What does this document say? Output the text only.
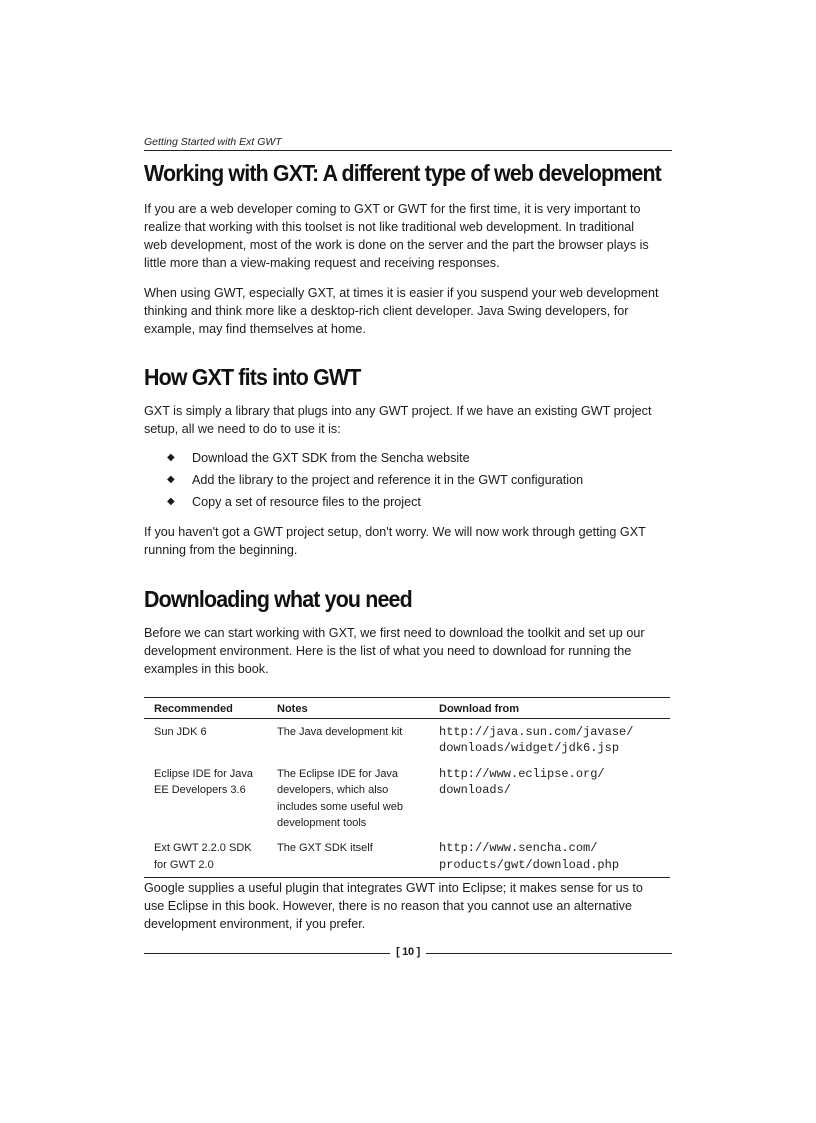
Getting Started with Ext GWT
Working with GXT: A different type of web development

If you are a web developer coming to GXT or GWT for the first time, it is very important to
realize that working with this toolset is not like traditional web development. In traditional
web development, most of the work is done on the server and the part the browser plays is
little more than a view-making request and receiving responses.

When using GWT, especially GXT, at times it is easier if you suspend your web development
thinking and think more like a desktop-rich client developer. Java Swing developers, for
example, may find themselves at home.

How GXT fits into GWT

GXT is simply a library that plugs into any GWT project. If we have an existing GWT project
setup, all we need to do to use it is:

◆ Download the GXT SDK from the Sencha website
◆ Add the library to the project and reference it in the GWT configuration
◆ Copy a set of resource files to the project

If you haven't got a GWT project setup, don't worry. We will now work through getting GXT
running from the beginning.

Downloading what you need

Before we can start working with GXT, we first need to download the toolkit and set up our
development environment. Here is the list of what you need to download for running the
examples in this book.

Recommended	Notes	Download from
Sun JDK 6	The Java development kit	http://java.sun.com/javase/
downloads/widget/jdk6.jsp
Eclipse IDE for Java
EE Developers 3.6	The Eclipse IDE for Java
developers, which also
includes some useful web
development tools	http://www.eclipse.org/
downloads/
Ext GWT 2.2.0 SDK
for GWT 2.0	The GXT SDK itself	http://www.sencha.com/
products/gwt/download.php

Google supplies a useful plugin that integrates GWT into Eclipse; it makes sense for us to
use Eclipse in this book. However, there is no reason that you cannot use an alternative
development environment, if you prefer.

[ 10 ]
